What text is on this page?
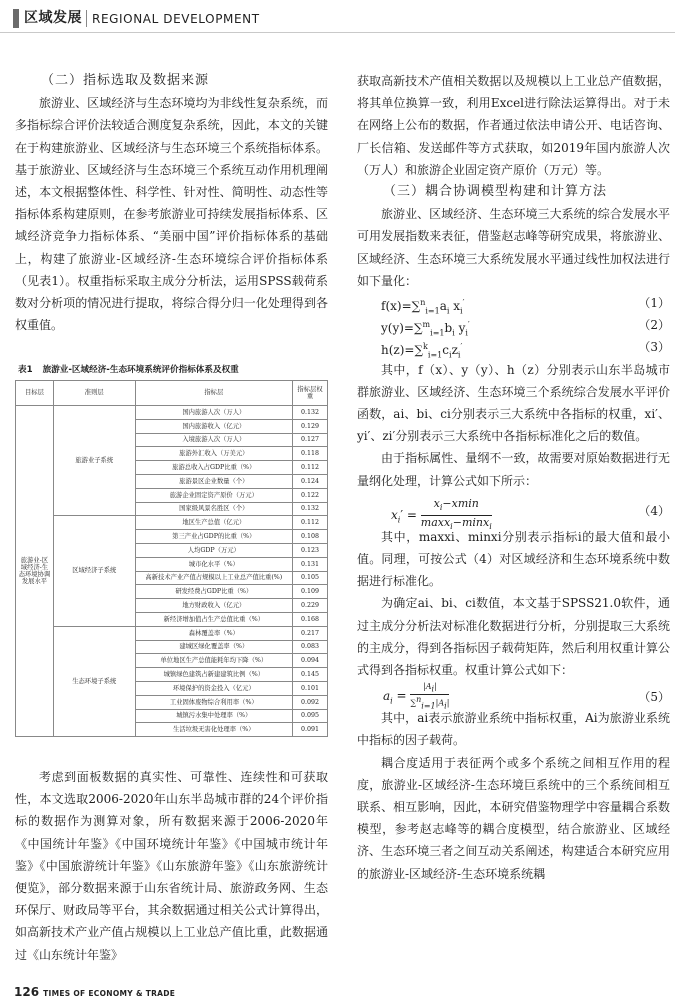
区域发展 REGIONAL DEVELOPMENT

（二）指标选取及数据来源

旅游业、区域经济与生态环境均为非线性复杂系统，而多指标综合评价法较适合测度复杂系统，因此，本文的关键在于构建旅游业、区域经济与生态环境三个系统指标体系。基于旅游业、区域经济与生态环境三个系统互动作用机理阐述，本文根据整体性、科学性、针对性、简明性、动态性等指标体系构建原则，在参考旅游业可持续发展指标体系、区域经济竞争力指标体系、“美丽中国”评价指标体系的基础上，构建了旅游业-区域经济-生态环境综合评价指标体系（见表1）。权重指标采取主成分分析法，运用SPSS载荷系数对分析项的情况进行提取，将综合得分归一化处理得到各权重值。

表1 旅游业-区域经济-生态环境系统评价指标体系及权重
目标层	准则层	指标层	指标层权重
旅游业-区域经济-生态环境协调发展水平	旅游业子系统	国内旅游人次（万人）	0.132
		国内旅游收入（亿元）	0.129
		入境旅游人次（万人）	0.127
		旅游外汇收入（万美元）	0.118
		旅游总收入占GDP比重（%）	0.112
		旅游景区企业数量（个）	0.124
		旅游企业固定资产原价（万元）	0.122
		国家级风景名胜区（个）	0.132
	区域经济子系统	地区生产总值（亿元）	0.112
		第三产业占GDP的比重（%）	0.108
		人均GDP（万元）	0.123
		城市化水平（%）	0.131
		高新技术产业产值占规模以上工业总产值比重(%)	0.105
		研发经费占GDP比重（%）	0.109
		地方财政收入（亿元）	0.229
		新经济增加值占生产总值比重（%）	0.168
	生态环境子系统	森林覆盖率（%）	0.217
		建城区绿化覆盖率（%）	0.083
		单位地区生产总值能耗年均下降（%）	0.094
		城镇绿色建筑占新建建筑比例（%）	0.145
		环境保护的资金投入（亿元）	0.101
		工业固体废物综合利用率（%）	0.092
		城镇污水集中处理率（%）	0.095
		生活垃圾无害化处理率（%）	0.091

考虑到面板数据的真实性、可靠性、连续性和可获取性，本文选取2006-2020年山东半岛城市群的24个评价指标的数据作为测算对象，所有数据来源于2006-2020年《中国统计年鉴》《中国环境统计年鉴》《中国城市统计年鉴》《中国旅游统计年鉴》《山东旅游年鉴》《山东旅游统计便览》，部分数据来源于山东省统计局、旅游政务网、生态环保厅、财政局等平台，其余数据通过相关公式计算得出，如高新技术产业产值占规模以上工业总产值比重，此数据通过《山东统计年鉴》

获取高新技术产值相关数据以及规模以上工业总产值数据，将其单位换算一致，利用Excel进行除法运算得出。对于未在网络上公布的数据，作者通过依法申请公开、电话咨询、厂长信箱、发送邮件等方式获取，如2019年国内旅游人次（万人）和旅游企业固定资产原价（万元）等。

（三）耦合协调模型构建和计算方法

旅游业、区域经济、生态环境三大系统的综合发展水平可用发展指数来表征，借鉴赵志峰等研究成果，将旅游业、区域经济、生态环境三大系统发展水平通过线性加权法进行如下量化：

$f(x)=\sum^n_{i=1}a_i$ $x_i'$	（1）
$y(y)=\sum^m_{i=1}b_i$ $y_i'$	（2）
$h(z)=\sum^k_{i=1}c_iz_i'$	（3）

其中，f（x）、y（y）、h（z）分别表示山东半岛城市群旅游业、区域经济、生态环境三个系统综合发展水平评价函数，ai、bi、ci分别表示三大系统中各指标的权重，xi′、yi′、zi′分别表示三大系统中各指标标准化之后的数值。

由于指标属性、量纲不一致，故需要对原始数据进行无量纲化处理，计算公式如下所示：

$x_i' = \frac{x_i-xmin}{\max x_i-\min x_i}$	（4）

其中，maxxi、minxi分别表示指标i的最大值和最小值。同理，可按公式（4）对区域经济和生态环境系统中数据进行标准化。

为确定ai、bi、ci数值，本文基于SPSS21.0软件，通过主成分分析法对标准化数据进行分析，分别提取三大系统的主成分，得到各指标因子载荷矩阵，然后利用权重计算公式得到各指标权重。权重计算公式如下：

$a_i = \frac{|A_i|}{\sum^n_{i=1}|A_i|}$	（5）

其中，ai表示旅游业系统中指标权重，Ai为旅游业系统中指标的因子载荷。

耦合度适用于表征两个或多个系统之间相互作用的程度，旅游业-区域经济-生态环境巨系统中的三个系统间相互联系、相互影响，因此，本研究借鉴物理学中容量耦合系数模型，参考赵志峰等的耦合度模型，结合旅游业、区域经济、生态环境三者之间互动关系阐述，构建适合本研究应用的旅游业-区域经济-生态环境系统耦

126 TIMES OF ECONOMY & TRADE
